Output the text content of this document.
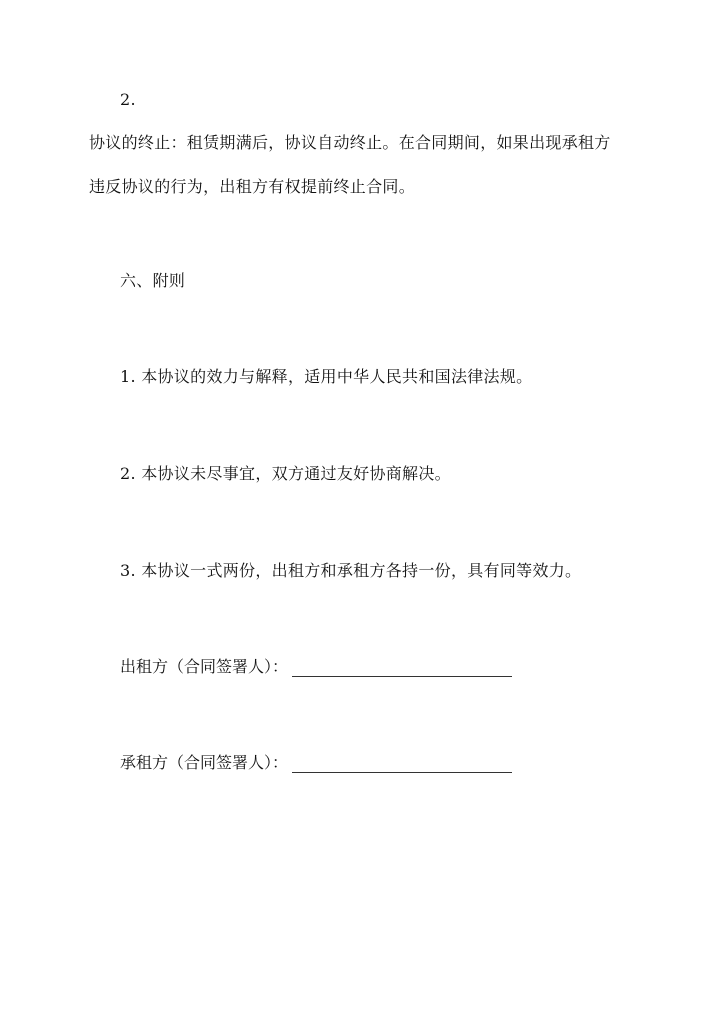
2.
协议的终止：租赁期满后，协议自动终止。在合同期间，如果出现承租方
违反协议的行为，出租方有权提前终止合同。
六、附则
1. 本协议的效力与解释，适用中华人民共和国法律法规。
2. 本协议未尽事宜，双方通过友好协商解决。
3. 本协议一式两份，出租方和承租方各持一份，具有同等效力。
出租方（合同签署人）：
承租方（合同签署人）：
